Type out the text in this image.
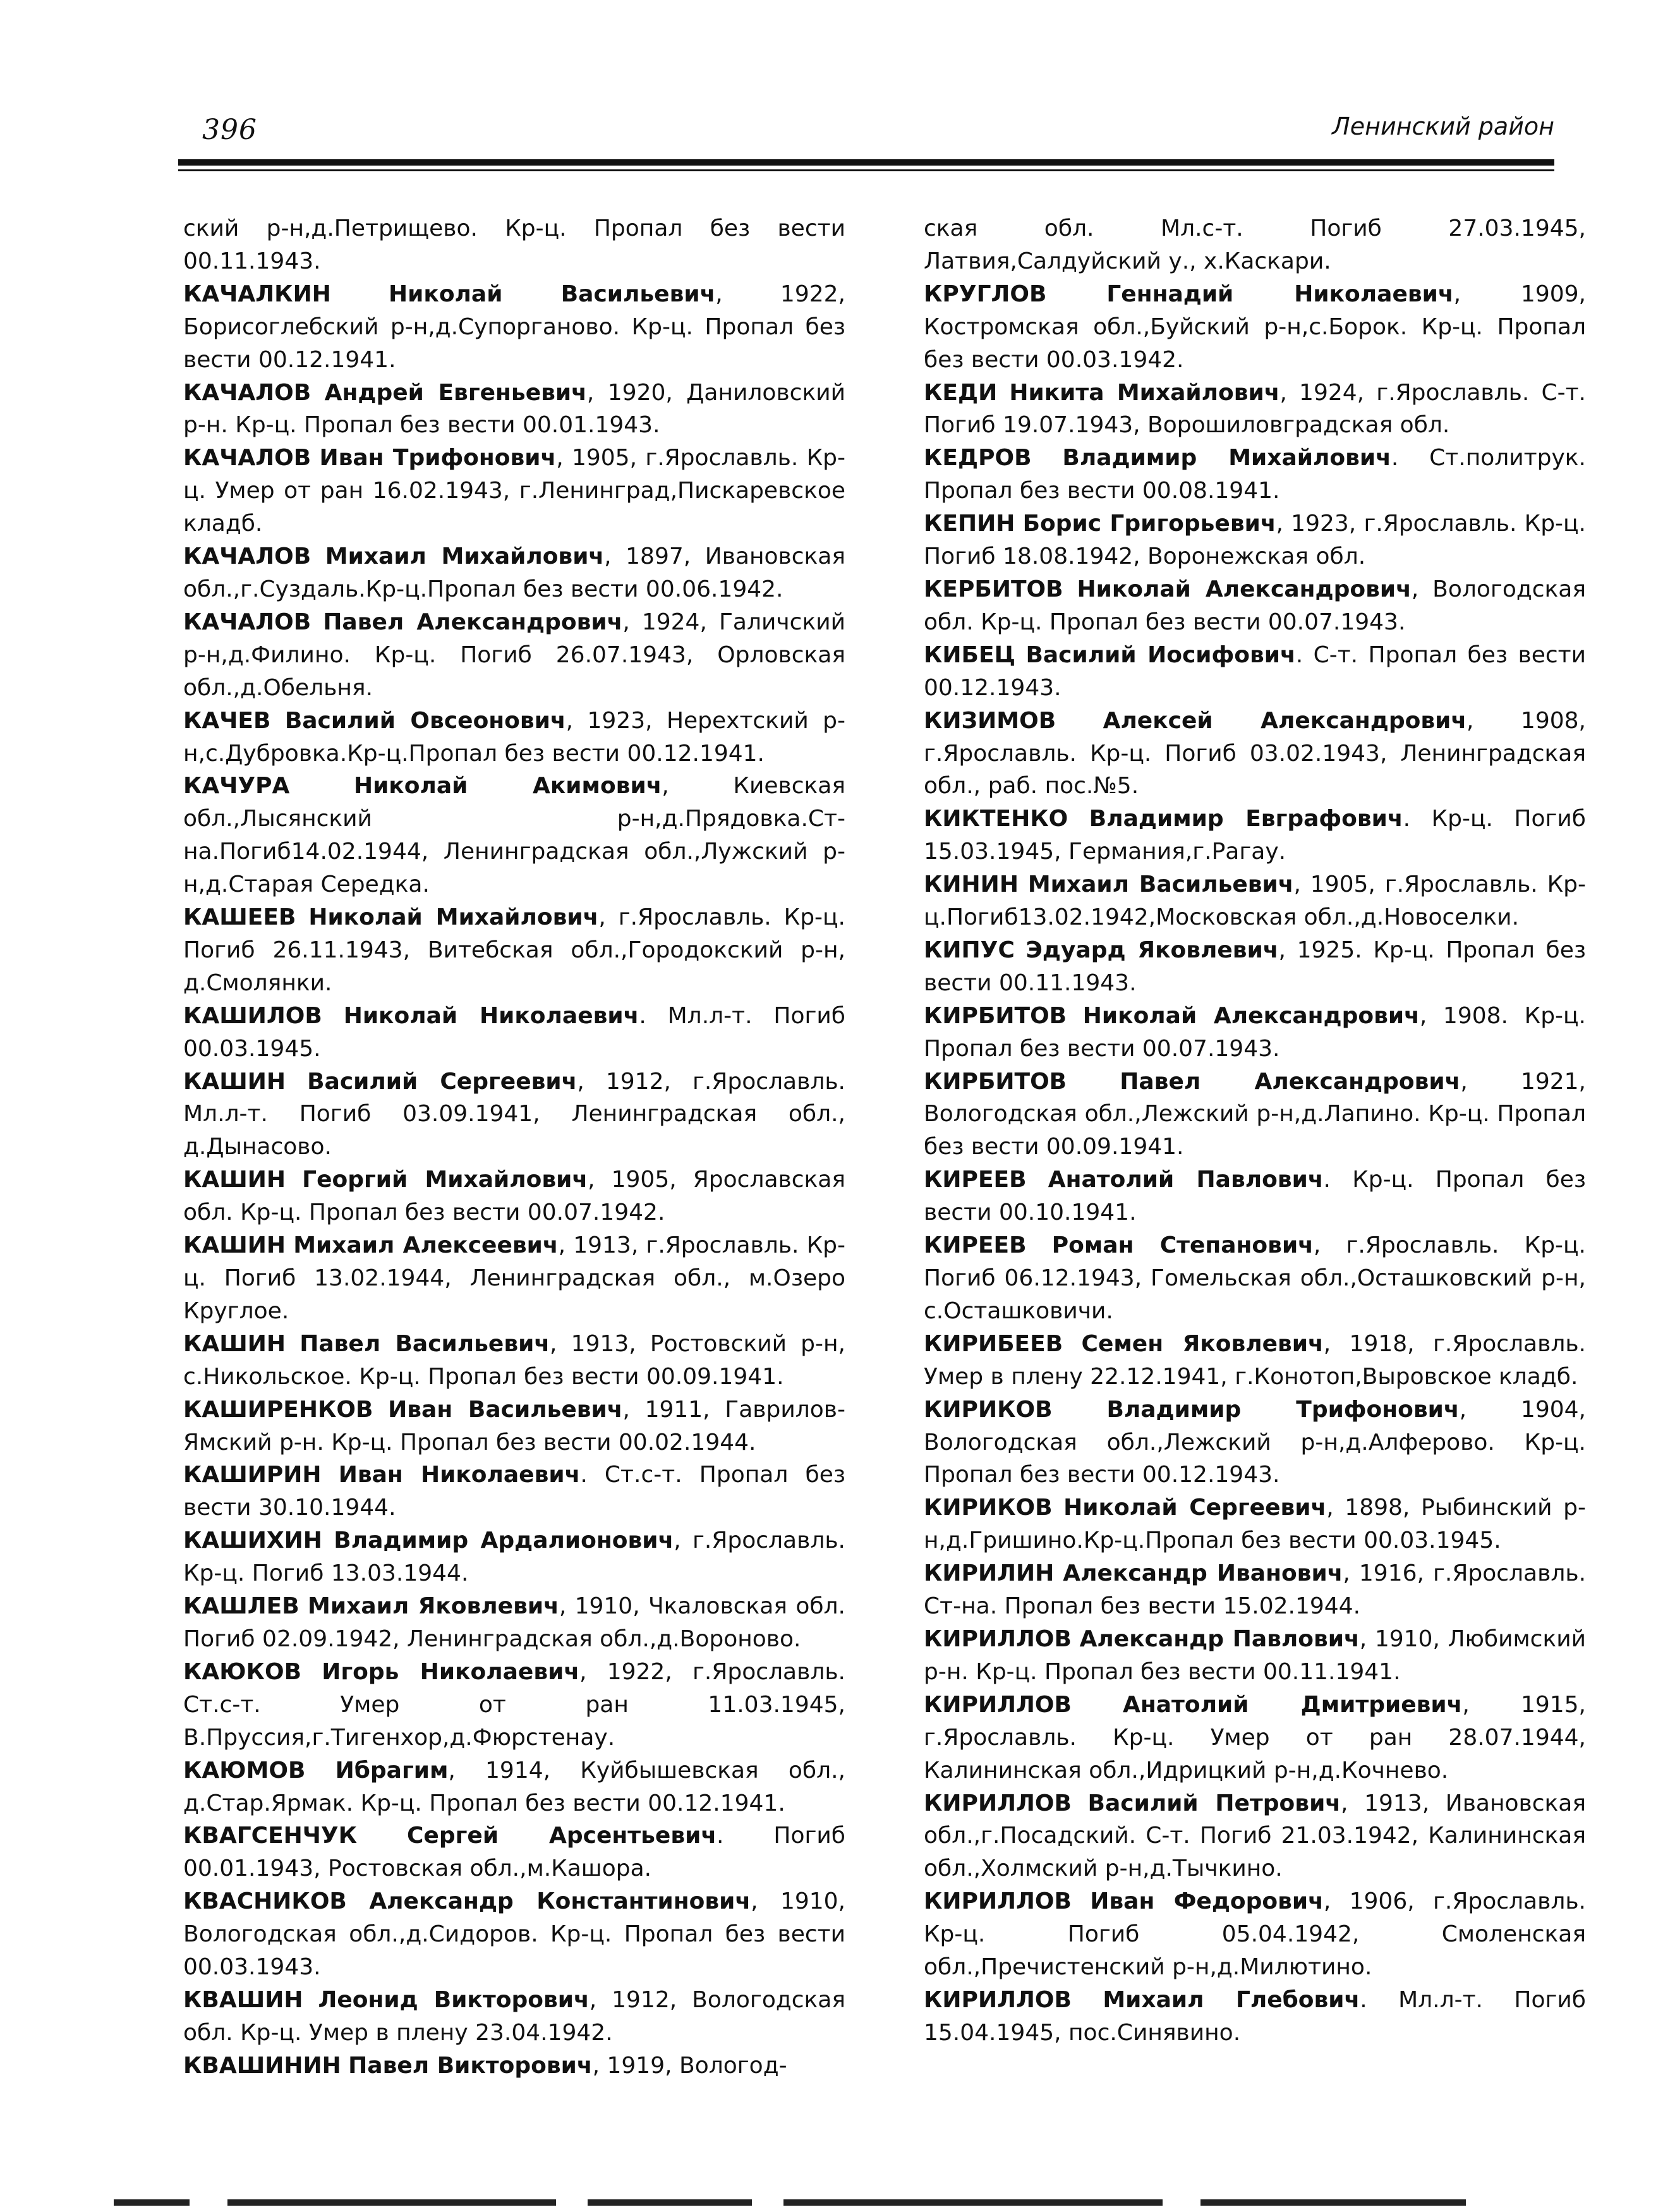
396	Ленинский район

ский р-н,д.Петрищево. Кр-ц. Пропал без вести 00.11.1943.

КАЧАЛКИН	Николай Васильевич, 1922, Борисоглебский р-н,д.Супорганово. Кр-ц. Пропал без вести 00.12.1941.

КАЧАЛОВ Андрей Евгеньевич, 1920, Даниловский р-н. Кр-ц. Пропал без вести 00.01.1943.

КАЧАЛОВ Иван Трифонович, 1905, г.Ярославль. Кр-ц. Умер от ран 16.02.1943, г.Ленинград,Пискаревское кладб.

КАЧАЛОВ Михаил Михайлович, 1897, Ивановская обл.,г.Суздаль.Кр-ц.Пропал без вести 00.06.1942.

КАЧАЛОВ Павел Александрович, 1924, Галичский р-н,д.Филино. Кр-ц. Погиб 26.07.1943, Орловская обл.,д.Обельня.

КАЧЕВ Василий Овсеонович, 1923, Нерехтский р-н,с.Дубровка.Кр-ц.Пропал без вести 00.12.1941.

КАЧУРА	Николай Акимович, Киевская обл.,Лысянский р-н,д.Прядовка.Ст-на.Погиб14.02.1944, Ленинградская обл.,Лужский р-н,д.Старая Середка.

КАШЕЕВ Николай Михайлович, г.Ярославль. Кр-ц. Погиб 26.11.1943, Витебская обл.,Городокский р-н, д.Смолянки.

КАШИЛОВ Николай Николаевич. Мл.л-т. Погиб 00.03.1945.

КАШИН Василий Сергеевич, 1912, г.Ярославль. Мл.л-т. Погиб 03.09.1941, Ленинградская обл., д.Дынасово.

КАШИН Георгий Михайлович, 1905, Ярославская обл. Кр-ц. Пропал без вести 00.07.1942.

КАШИН Михаил Алексеевич, 1913, г.Ярославль. Кр-ц. Погиб 13.02.1944, Ленинградская обл., м.Озеро Круглое.

КАШИН Павел Васильевич, 1913, Ростовский р-н, с.Никольское. Кр-ц. Пропал без вести 00.09.1941.

КАШИРЕНКОВ Иван Васильевич, 1911, Гаврилов-Ямский р-н. Кр-ц. Пропал без вести 00.02.1944.

КАШИРИН Иван Николаевич. Ст.с-т. Пропал без вести 30.10.1944.

КАШИХИН Владимир Ардалионович, г.Ярославль. Кр-ц. Погиб 13.03.1944.

КАШЛЕВ Михаил Яковлевич, 1910, Чкаловская обл. Погиб 02.09.1942, Ленинградская обл.,д.Вороново.

КАЮКОВ Игорь Николаевич, 1922, г.Ярославль. Ст.с-т. Умер от ран 11.03.1945, В.Пруссия,г.Тигенхор,д.Фюрстенау.

КАЮМОВ Ибрагим, 1914, Куйбышевская обл., д.Стар.Ярмак. Кр-ц. Пропал без вести 00.12.1941.

КВАГСЕНЧУК Сергей Арсентьевич. Погиб 00.01.1943, Ростовская обл.,м.Кашора.

КВАСНИКОВ Александр Константинович, 1910, Вологодская обл.,д.Сидоров. Кр-ц. Пропал без вести 00.03.1943.

КВАШИН Леонид Викторович, 1912, Вологодская обл. Кр-ц. Умер в плену 23.04.1942.

КВАШИНИН Павел Викторович, 1919, Вологод-

ская обл. Мл.с-т. Погиб 27.03.1945, Латвия,Салдуйский у., х.Каскари.

КРУГЛОВ	Геннадий Николаевич, 1909, Костромская обл.,Буйский р-н,с.Борок. Кр-ц. Пропал без вести 00.03.1942.

КЕДИ Никита Михайлович, 1924, г.Ярославль. С-т. Погиб 19.07.1943, Ворошиловградская обл.

КЕДРОВ Владимир Михайлович. Ст.политрук. Пропал без вести 00.08.1941.

КЕПИН Борис Григорьевич, 1923, г.Ярославль. Кр-ц. Погиб 18.08.1942, Воронежская обл.

КЕРБИТОВ Николай Александрович, Вологодская обл. Кр-ц. Пропал без вести 00.07.1943.

КИБЕЦ Василий Иосифович. С-т. Пропал без вести 00.12.1943.

КИЗИМОВ Алексей Александрович, 1908, г.Ярославль. Кр-ц. Погиб 03.02.1943, Ленинградская обл., раб. пос.№5.

КИКТЕНКО Владимир Евграфович. Кр-ц. Погиб 15.03.1945, Германия,г.Рагау.

КИНИН Михаил Васильевич, 1905, г.Ярославль. Кр-ц.Погиб13.02.1942,Московская обл.,д.Новоселки.

КИПУС Эдуард Яковлевич, 1925. Кр-ц. Пропал без вести 00.11.1943.

КИРБИТОВ Николай Александрович, 1908. Кр-ц. Пропал без вести 00.07.1943.

КИРБИТОВ Павел Александрович, 1921, Вологодская обл.,Лежский р-н,д.Лапино. Кр-ц. Пропал без вести 00.09.1941.

КИРЕЕВ Анатолий Павлович. Кр-ц. Пропал без вести 00.10.1941.

КИРЕЕВ Роман Степанович, г.Ярославль. Кр-ц. Погиб 06.12.1943, Гомельская обл.,Осташковский р-н, с.Осташковичи.

КИРИБЕЕВ Семен Яковлевич, 1918, г.Ярославль. Умер в плену 22.12.1941, г.Конотоп,Выровское кладб.

КИРИКОВ Владимир Трифонович, 1904, Вологодская обл.,Лежский р-н,д.Алферово. Кр-ц. Пропал без вести 00.12.1943.

КИРИКОВ Николай Сергеевич, 1898, Рыбинский р-н,д.Гришино.Кр-ц.Пропал без вести 00.03.1945.

КИРИЛИН Александр Иванович, 1916, г.Ярославль. Ст-на. Пропал без вести 15.02.1944.

КИРИЛЛОВ Александр Павлович, 1910, Любимский р-н. Кр-ц. Пропал без вести 00.11.1941.

КИРИЛЛОВ Анатолий Дмитриевич, 1915, г.Ярославль. Кр-ц. Умер от ран 28.07.1944, Калининская обл.,Идрицкий р-н,д.Кочнево.

КИРИЛЛОВ Василий Петрович, 1913, Ивановская обл.,г.Посадский. С-т. Погиб 21.03.1942, Калининская обл.,Холмский р-н,д.Тычкино.

КИРИЛЛОВ Иван Федорович, 1906, г.Ярославль. Кр-ц. Погиб 05.04.1942, Смоленская обл.,Пречистенский р-н,д.Милютино.

КИРИЛЛОВ Михаил Глебович. Мл.л-т. Погиб 15.04.1945, пос.Синявино.
